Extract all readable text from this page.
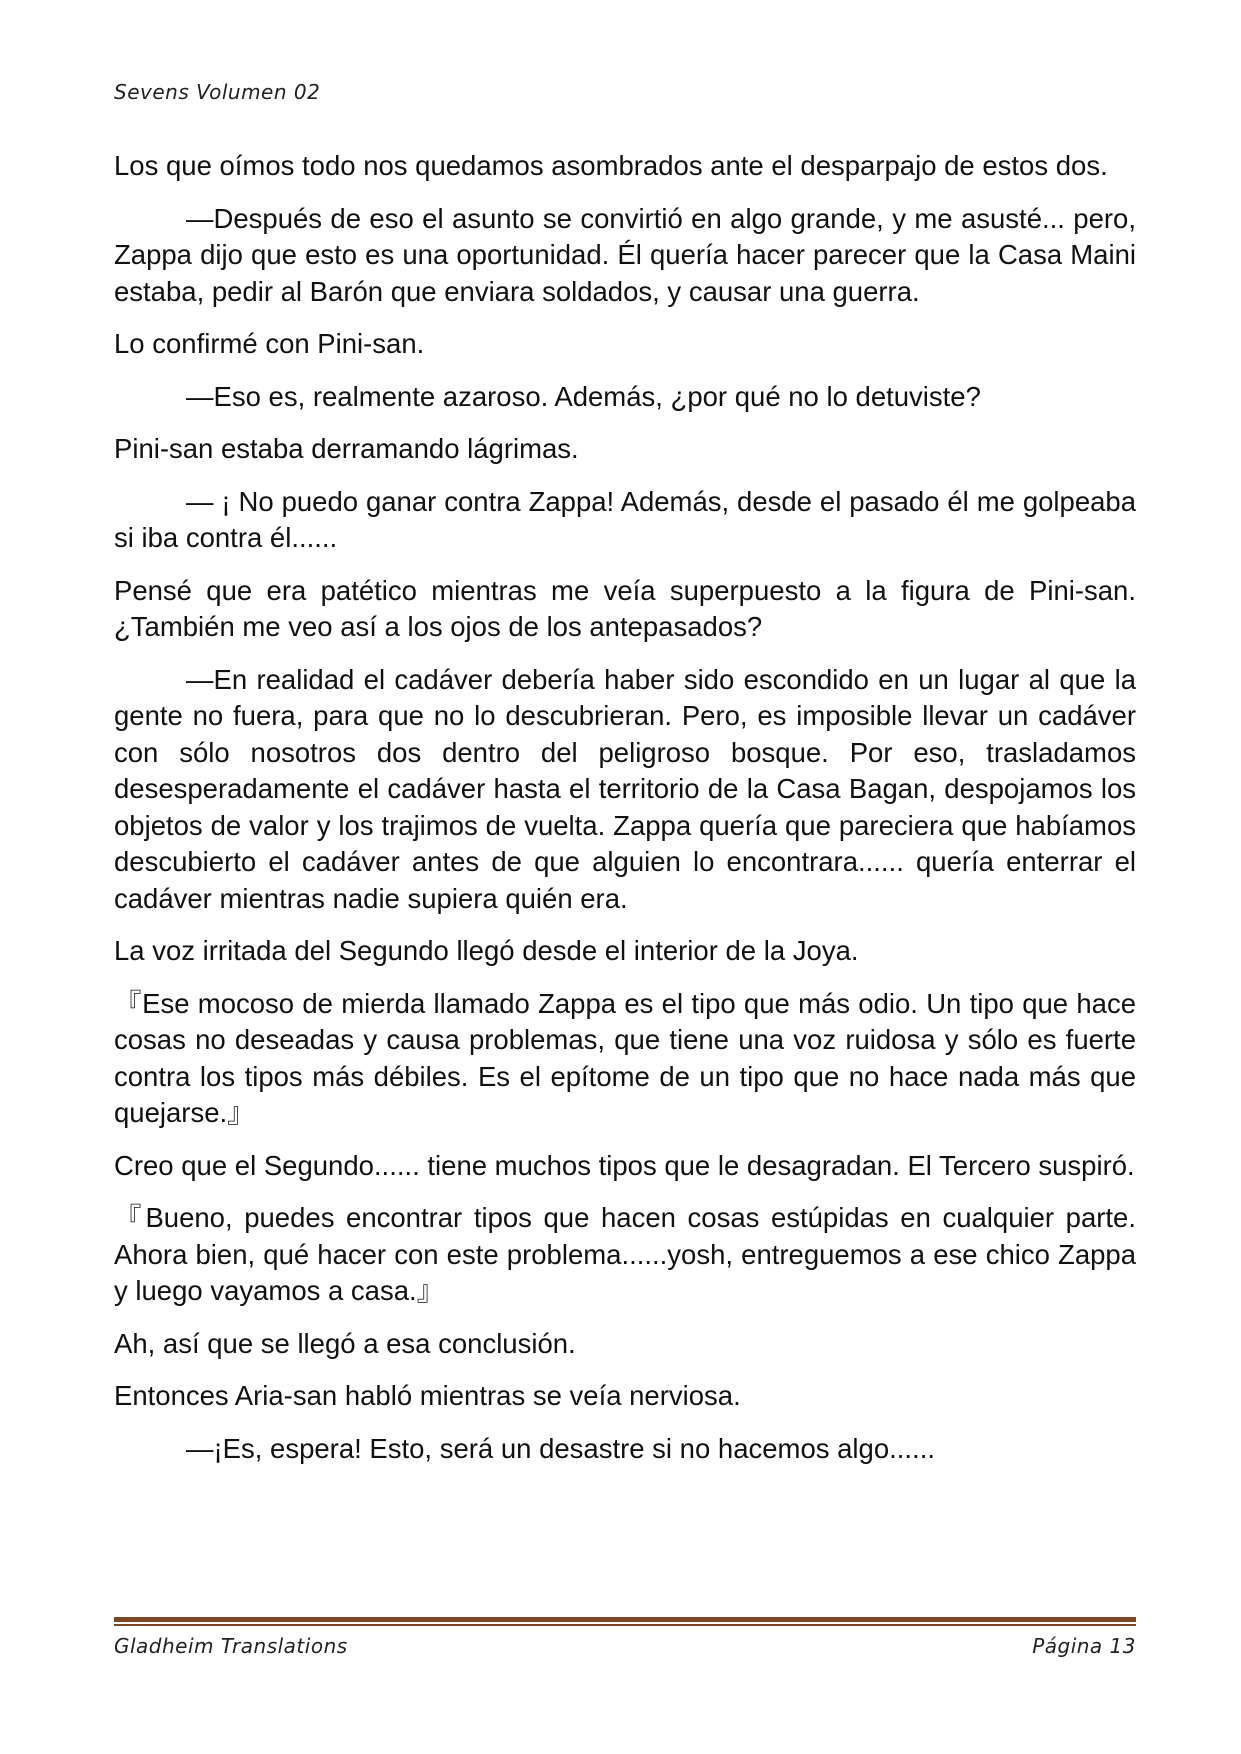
Sevens Volumen 02

Los que oímos todo nos quedamos asombrados ante el desparpajo de estos dos.

—Después de eso el asunto se convirtió en algo grande, y me asusté... pero, Zappa dijo que esto es una oportunidad. Él quería hacer parecer que la Casa Maini estaba, pedir al Barón que enviara soldados, y causar una guerra.

Lo confirmé con Pini-san.

—Eso es, realmente azaroso. Además, ¿por qué no lo detuviste?

Pini-san estaba derramando lágrimas.

— ¡ No puedo ganar contra Zappa! Además, desde el pasado él me golpeaba si iba contra él......

Pensé que era patético mientras me veía superpuesto a la figura de Pini-san. ¿También me veo así a los ojos de los antepasados?

—En realidad el cadáver debería haber sido escondido en un lugar al que la gente no fuera, para que no lo descubrieran. Pero, es imposible llevar un cadáver con sólo nosotros dos dentro del peligroso bosque. Por eso, trasladamos desesperadamente el cadáver hasta el territorio de la Casa Bagan, despojamos los objetos de valor y los trajimos de vuelta. Zappa quería que pareciera que habíamos descubierto el cadáver antes de que alguien lo encontrara...... quería enterrar el cadáver mientras nadie supiera quién era.

La voz irritada del Segundo llegó desde el interior de la Joya.

『Ese mocoso de mierda llamado Zappa es el tipo que más odio. Un tipo que hace cosas no deseadas y causa problemas, que tiene una voz ruidosa y sólo es fuerte contra los tipos más débiles. Es el epítome de un tipo que no hace nada más que quejarse.』

Creo que el Segundo...... tiene muchos tipos que le desagradan. El Tercero suspiró.

『Bueno, puedes encontrar tipos que hacen cosas estúpidas en cualquier parte. Ahora bien, qué hacer con este problema......yosh, entreguemos a ese chico Zappa y luego vayamos a casa.』

Ah, así que se llegó a esa conclusión.

Entonces Aria-san habló mientras se veía nerviosa.

—¡Es, espera! Esto, será un desastre si no hacemos algo......

Gladheim Translations	Página 13
